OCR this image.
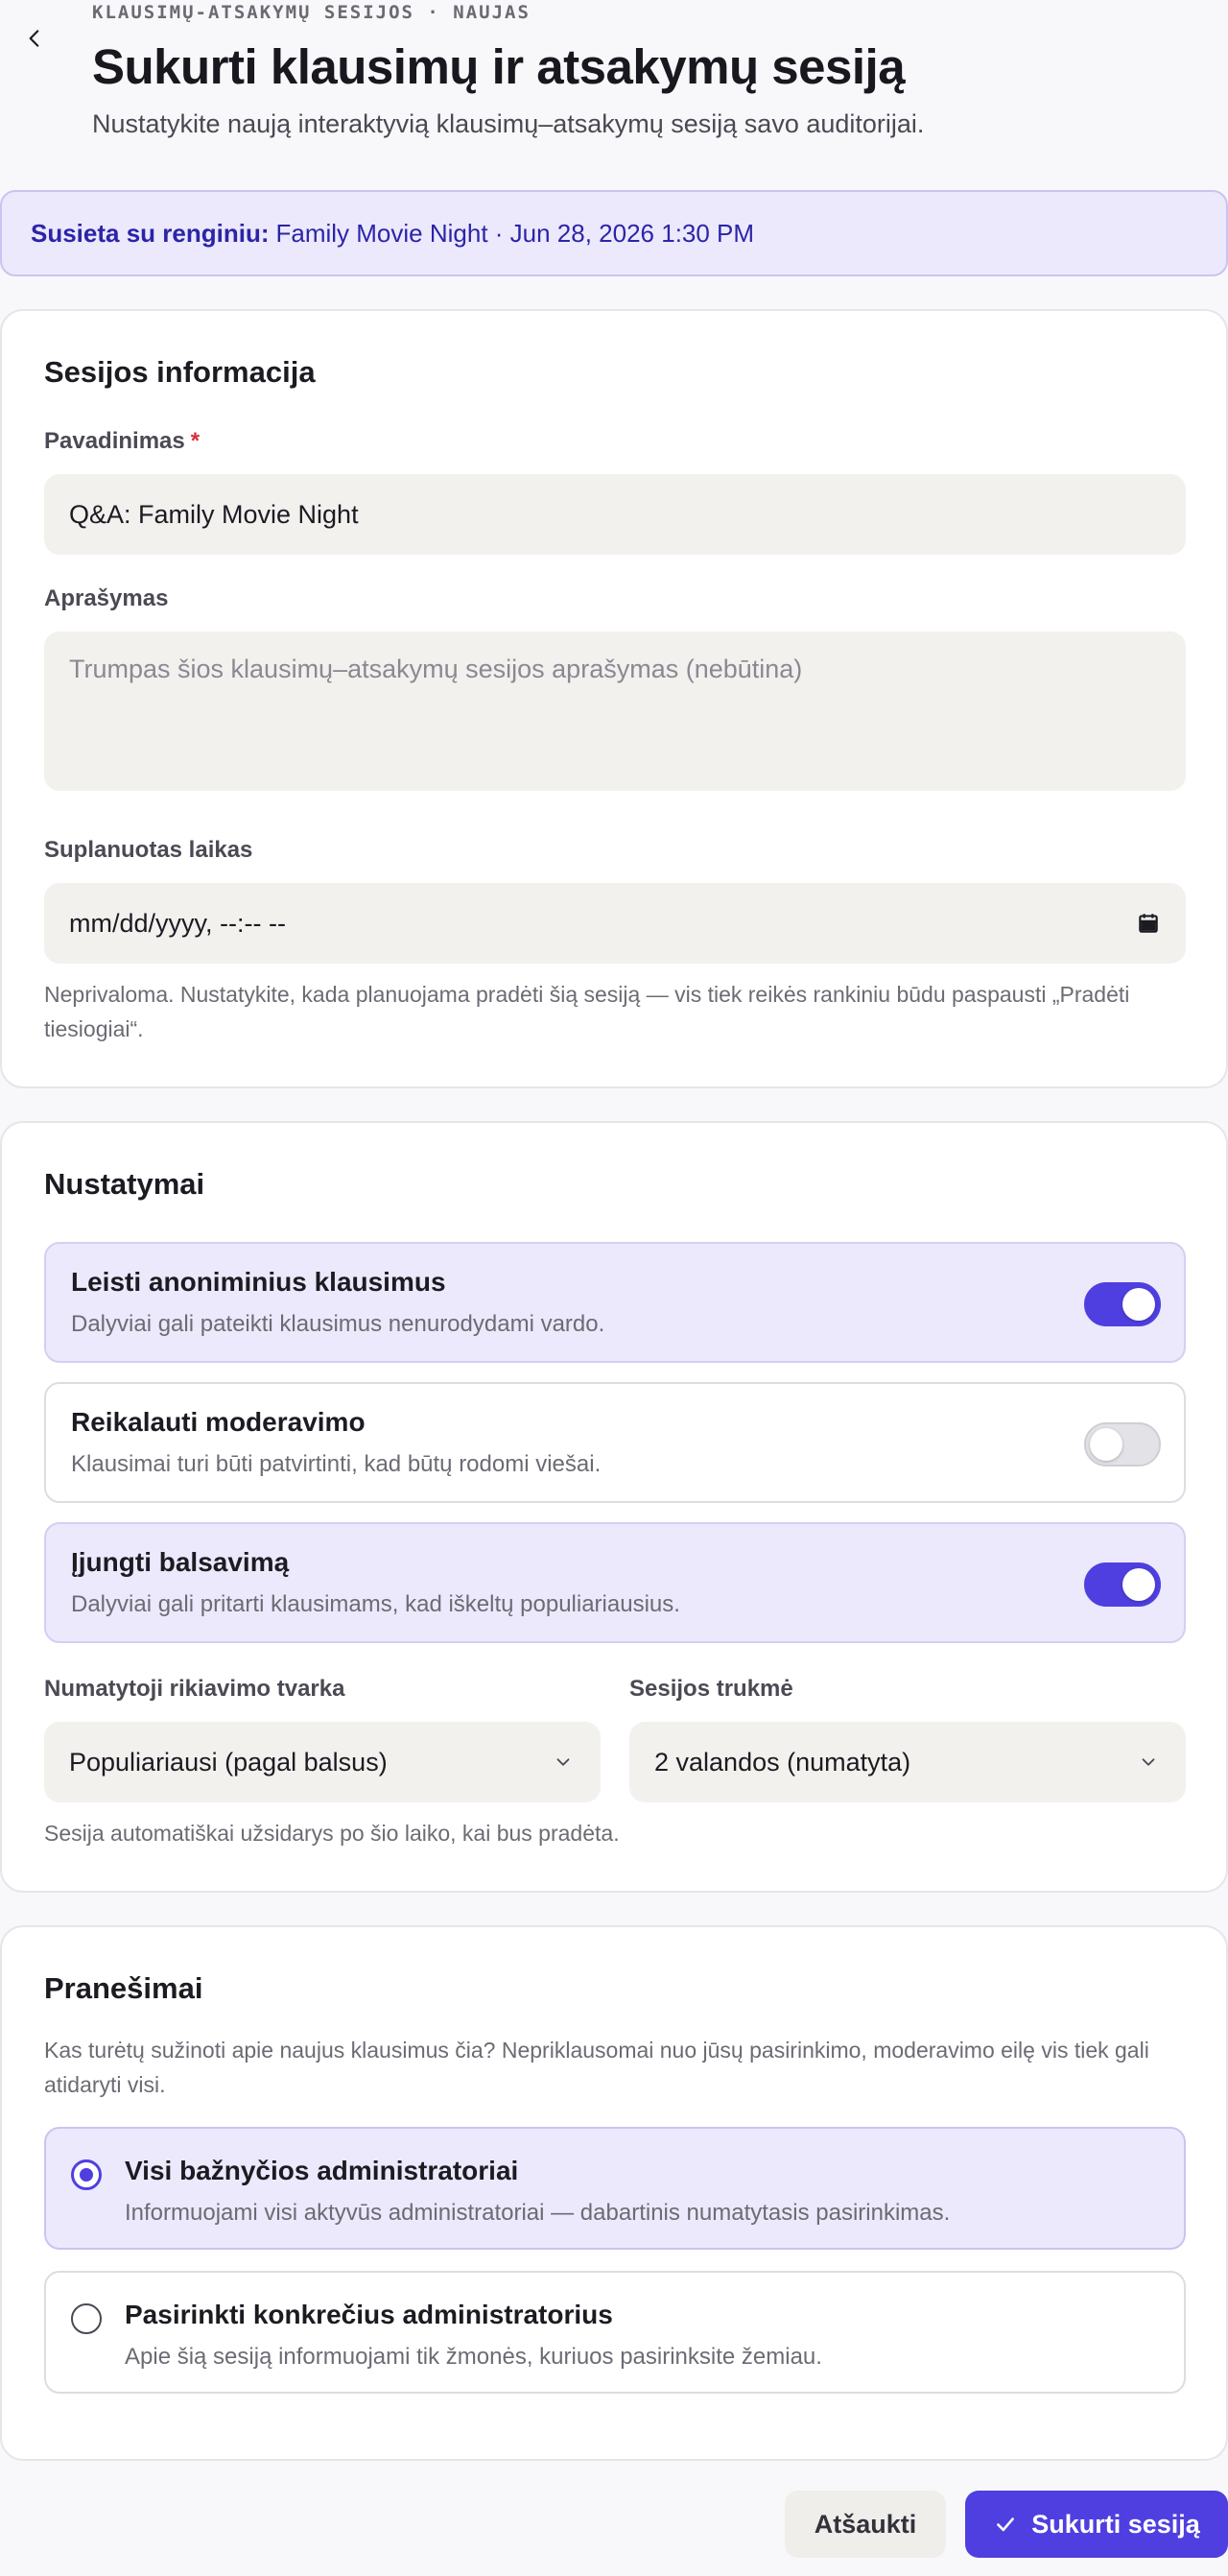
KLAUSIMŲ-ATSAKYMŲ SESIJOS · NAUJAS
Sukurti klausimų ir atsakymų sesiją
Nustatykite naują interaktyvią klausimų–atsakymų sesiją savo auditorijai.
Susieta su renginiu: Family Movie Night · Jun 28, 2026 1:30 PM
Sesijos informacija
Pavadinimas *
Q&A: Family Movie Night
Aprašymas
Trumpas šios klausimų–atsakymų sesijos aprašymas (nebūtina)
Suplanuotas laikas
mm/dd/yyyy, --:-- --

Neprivaloma. Nustatykite, kada planuojama pradėti šią sesiją — vis tiek reikės rankiniu būdu paspausti „Pradėti tiesiogiai“.

Nustatymai
Leisti anoniminius klausimus
Dalyviai gali pateikti klausimus nenurodydami vardo.
Reikalauti moderavimo
Klausimai turi būti patvirtinti, kad būtų rodomi viešai.
Įjungti balsavimą
Dalyviai gali pritarti klausimams, kad iškeltų populiariausius.
Numatytoji rikiavimo tvarka
Populiariausi (pagal balsus)
Sesijos trukmė
2 valandos (numatyta)

Sesija automatiškai užsidarys po šio laiko, kai bus pradėta.

Pranešimai

Kas turėtų sužinoti apie naujus klausimus čia? Nepriklausomai nuo jūsų pasirinkimo, moderavimo eilę vis tiek gali atidaryti visi.

Visi bažnyčios administratoriai
Informuojami visi aktyvūs administratoriai — dabartinis numatytasis pasirinkimas.
Pasirinkti konkrečius administratorius
Apie šią sesiją informuojami tik žmonės, kuriuos pasirinksite žemiau.
Atšaukti	Sukurti sesiją
